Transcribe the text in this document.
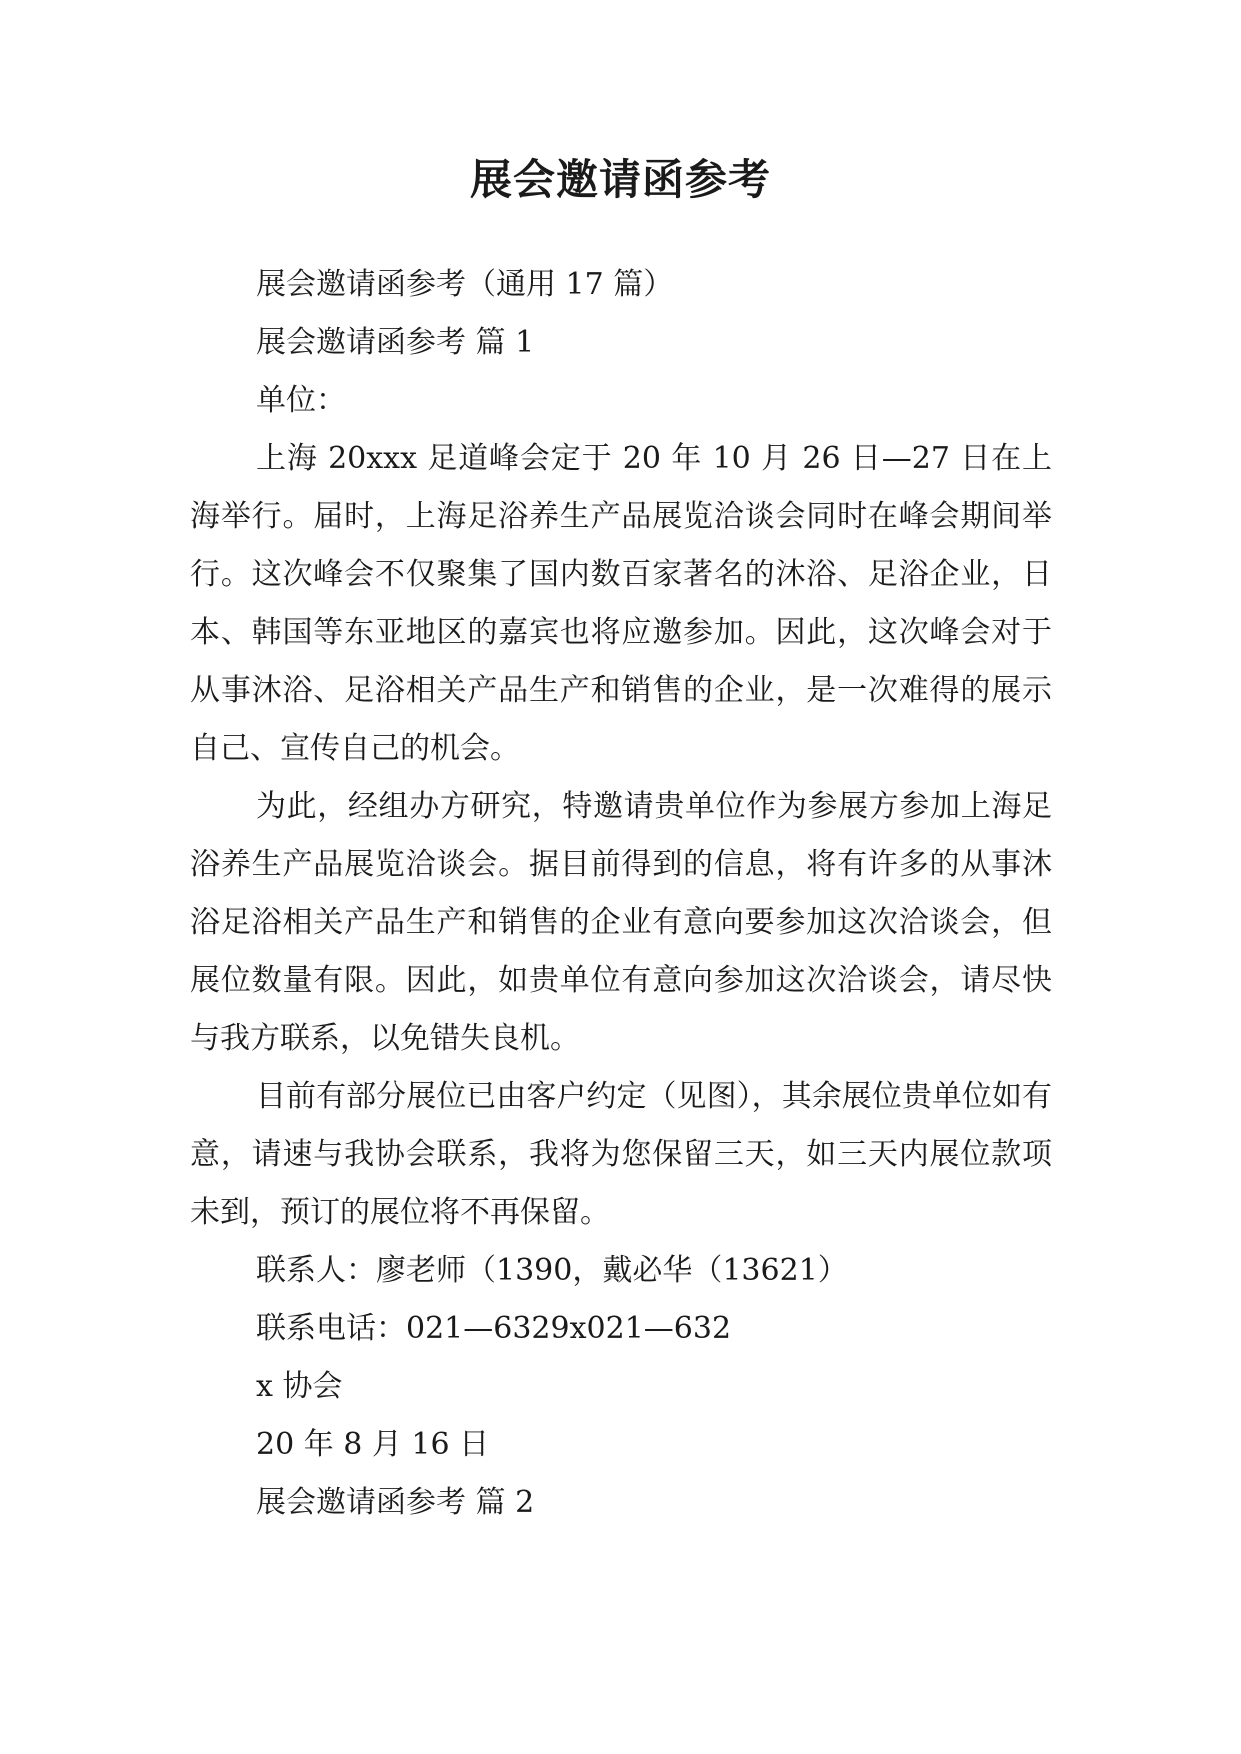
展会邀请函参考
展会邀请函参考（通用 17 篇）
展会邀请函参考 篇 1
单位：

上海 20xxx 足道峰会定于 20 年 10 月 26 日—27 日在上海举行。届时，上海足浴养生产品展览洽谈会同时在峰会期间举行。这次峰会不仅聚集了国内数百家著名的沐浴、足浴企业，日本、韩国等东亚地区的嘉宾也将应邀参加。因此，这次峰会对于从事沐浴、足浴相关产品生产和销售的企业，是一次难得的展示自己、宣传自己的机会。

为此，经组办方研究，特邀请贵单位作为参展方参加上海足浴养生产品展览洽谈会。据目前得到的信息，将有许多的从事沐浴足浴相关产品生产和销售的企业有意向要参加这次洽谈会，但展位数量有限。因此，如贵单位有意向参加这次洽谈会，请尽快与我方联系，以免错失良机。

目前有部分展位已由客户约定（见图），其余展位贵单位如有意，请速与我协会联系，我将为您保留三天，如三天内展位款项未到，预订的展位将不再保留。

联系人：廖老师（1390，戴必华（13621）
联系电话：021—6329x021—632
x 协会
20 年 8 月 16 日
展会邀请函参考 篇 2
